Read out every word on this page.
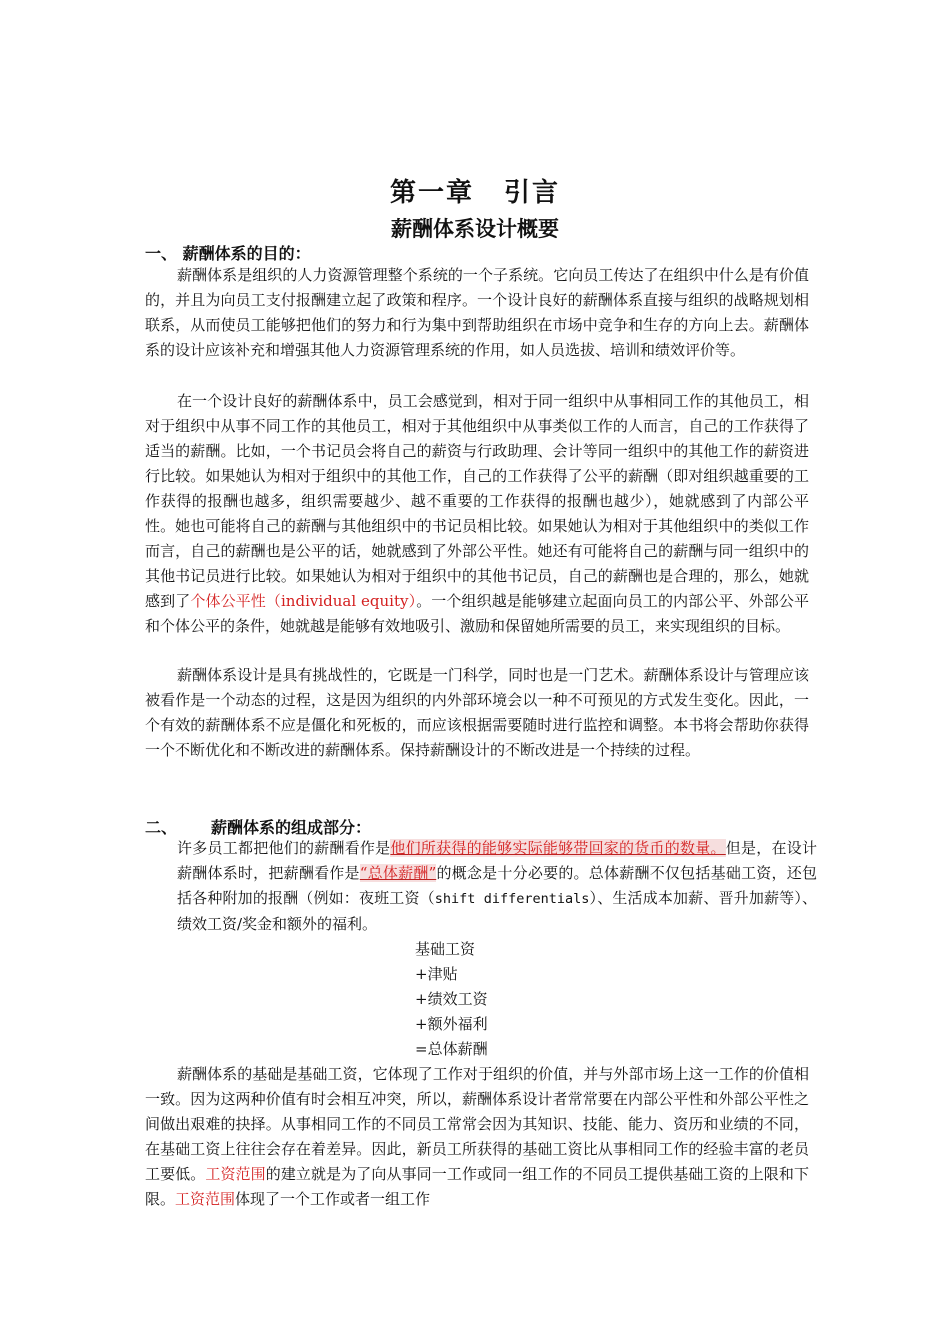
第一章 引言
薪酬体系设计概要
一、 薪酬体系的目的：

薪酬体系是组织的人力资源管理整个系统的一个子系统。它向员工传达了在组织中什么是有价值的，并且为向员工支付报酬建立起了政策和程序。一个设计良好的薪酬体系直接与组织的战略规划相联系，从而使员工能够把他们的努力和行为集中到帮助组织在市场中竞争和生存的方向上去。薪酬体系的设计应该补充和增强其他人力资源管理系统的作用，如人员选拔、培训和绩效评价等。

在一个设计良好的薪酬体系中，员工会感觉到，相对于同一组织中从事相同工作的其他员工，相对于组织中从事不同工作的其他员工，相对于其他组织中从事类似工作的人而言，自己的工作获得了适当的薪酬。比如，一个书记员会将自己的薪资与行政助理、会计等同一组织中的其他工作的薪资进行比较。如果她认为相对于组织中的其他工作，自己的工作获得了公平的薪酬（即对组织越重要的工作获得的报酬也越多，组织需要越少、越不重要的工作获得的报酬也越少），她就感到了内部公平性。她也可能将自己的薪酬与其他组织中的书记员相比较。如果她认为相对于其他组织中的类似工作而言，自己的薪酬也是公平的话，她就感到了外部公平性。她还有可能将自己的薪酬与同一组织中的其他书记员进行比较。如果她认为相对于组织中的其他书记员，自己的薪酬也是合理的，那么，她就感到了个体公平性（individual equity）。一个组织越是能够建立起面向员工的内部公平、外部公平和个体公平的条件，她就越是能够有效地吸引、激励和保留她所需要的员工，来实现组织的目标。

薪酬体系设计是具有挑战性的，它既是一门科学，同时也是一门艺术。薪酬体系设计与管理应该被看作是一个动态的过程，这是因为组织的内外部环境会以一种不可预见的方式发生变化。因此，一个有效的薪酬体系不应是僵化和死板的，而应该根据需要随时进行监控和调整。本书将会帮助你获得一个不断优化和不断改进的薪酬体系。保持薪酬设计的不断改进是一个持续的过程。

二、 薪酬体系的组成部分：

许多员工都把他们的薪酬看作是他们所获得的能够实际能够带回家的货币的数量。但是，在设计薪酬体系时，把薪酬看作是“总体薪酬”的概念是十分必要的。总体薪酬不仅包括基础工资，还包括各种附加的报酬（例如：夜班工资（shift differentials）、生活成本加薪、晋升加薪等）、绩效工资/奖金和额外的福利。

基础工资
+津贴
+绩效工资
+额外福利
=总体薪酬

薪酬体系的基础是基础工资，它体现了工作对于组织的价值，并与外部市场上这一工作的价值相一致。因为这两种价值有时会相互冲突，所以，薪酬体系设计者常常要在内部公平性和外部公平性之间做出艰难的抉择。从事相同工作的不同员工常常会因为其知识、技能、能力、资历和业绩的不同，在基础工资上往往会存在着差异。因此，新员工所获得的基础工资比从事相同工作的经验丰富的老员工要低。工资范围的建立就是为了向从事同一工作或同一组工作的不同员工提供基础工资的上限和下限。工资范围体现了一个工作或者一组工作
